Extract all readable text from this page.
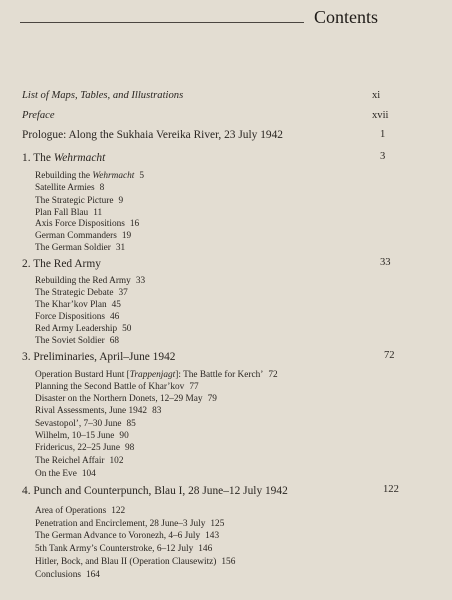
Contents
List of Maps, Tables, and Illustrations	xi
Preface	xvii
Prologue: Along the Sukhaia Vereika River, 23 July 1942	1
1. The Wehrmacht	3
Rebuilding the Wehrmacht 5
Satellite Armies 8
The Strategic Picture 9
Plan Fall Blau 11
Axis Force Dispositions 16
German Commanders 19
The German Soldier 31
2. The Red Army	33
Rebuilding the Red Army 33
The Strategic Debate 37
The Khar’kov Plan 45
Force Dispositions 46
Red Army Leadership 50
The Soviet Soldier 68
3. Preliminaries, April–June 1942	72
Operation Bustard Hunt [Trappenjagt]: The Battle for Kerch’ 72
Planning the Second Battle of Khar’kov 77
Disaster on the Northern Donets, 12–29 May 79
Rival Assessments, June 1942 83
Sevastopol’, 7–30 June 85
Wilhelm, 10–15 June 90
Fridericus, 22–25 June 98
The Reichel Affair 102
On the Eve 104
4. Punch and Counterpunch, Blau I, 28 June–12 July 1942	122
Area of Operations 122
Penetration and Encirclement, 28 June–3 July 125
The German Advance to Voronezh, 4–6 July 143
5th Tank Army’s Counterstroke, 6–12 July 146
Hitler, Bock, and Blau II (Operation Clausewitz) 156
Conclusions 164
